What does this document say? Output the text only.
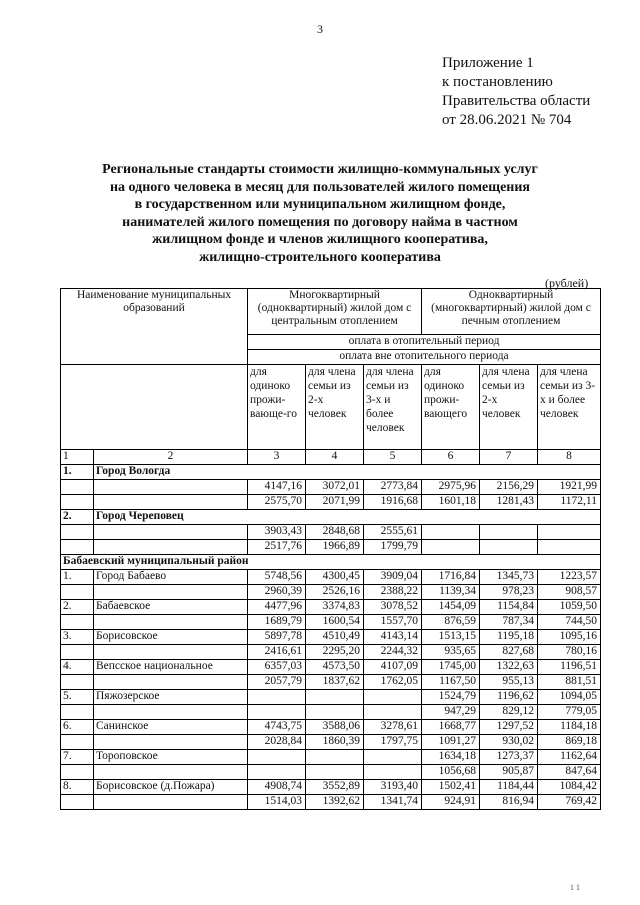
3
Приложение 1
к постановлению
Правительства области
от 28.06.2021 № 704
Региональные стандарты стоимости жилищно-коммунальных услуг
на одного человека в месяц для пользователей жилого помещения
в государственном или муниципальном жилищном фонде,
нанимателей жилого помещения по договору найма в частном
жилищном фонде и членов жилищного кооператива,
жилищно-строительного кооператива
(рублей)
Наименование муниципальных образований		Многоквартирный (одноквартирный) жилой дом с центральным отоплением			Одноквартирный (многоквартирный) жилой дом с печным отоплением		
		оплата в отопительный период					
		оплата вне отопительного периода					
		для одиноко прожи-вающе-го	для члена семьи из 2-х человек	для члена семьи из 3-х и более человек	для одиноко прожи-вающего	для члена семьи из 2-х человек	для члена семьи из 3-х и более человек
1	2	3	4	5	6	7	8
1.	Город Вологда						
		4147,16	3072,01	2773,84	2975,96	2156,29	1921,99
		2575,70	2071,99	1916,68	1601,18	1281,43	1172,11
2.	Город Череповец						
		3903,43	2848,68	2555,61			
		2517,76	1966,89	1799,79			
Бабаевский муниципальный район							
1.	Город Бабаево	5748,56	4300,45	3909,04	1716,84	1345,73	1223,57
		2960,39	2526,16	2388,22	1139,34	978,23	908,57
2.	Бабаевское	4477,96	3374,83	3078,52	1454,09	1154,84	1059,50
		1689,79	1600,54	1557,70	876,59	787,34	744,50
3.	Борисовское	5897,78	4510,49	4143,14	1513,15	1195,18	1095,16
		2416,61	2295,20	2244,32	935,65	827,68	780,16
4.	Вепсское национальное	6357,03	4573,50	4107,09	1745,00	1322,63	1196,51
		2057,79	1837,62	1762,05	1167,50	955,13	881,51
5.	Пяжозерское				1524,79	1196,62	1094,05
					947,29	829,12	779,05
6.	Санинское	4743,75	3588,06	3278,61	1668,77	1297,52	1184,18
		2028,84	1860,39	1797,75	1091,27	930,02	869,18
7.	Тороповское				1634,18	1273,37	1162,64
					1056,68	905,87	847,64
8.	Борисовское (д.Пожара)	4908,74	3552,89	3193,40	1502,41	1184,44	1084,42
		1514,03	1392,62	1341,74	924,91	816,94	769,42
1 1
